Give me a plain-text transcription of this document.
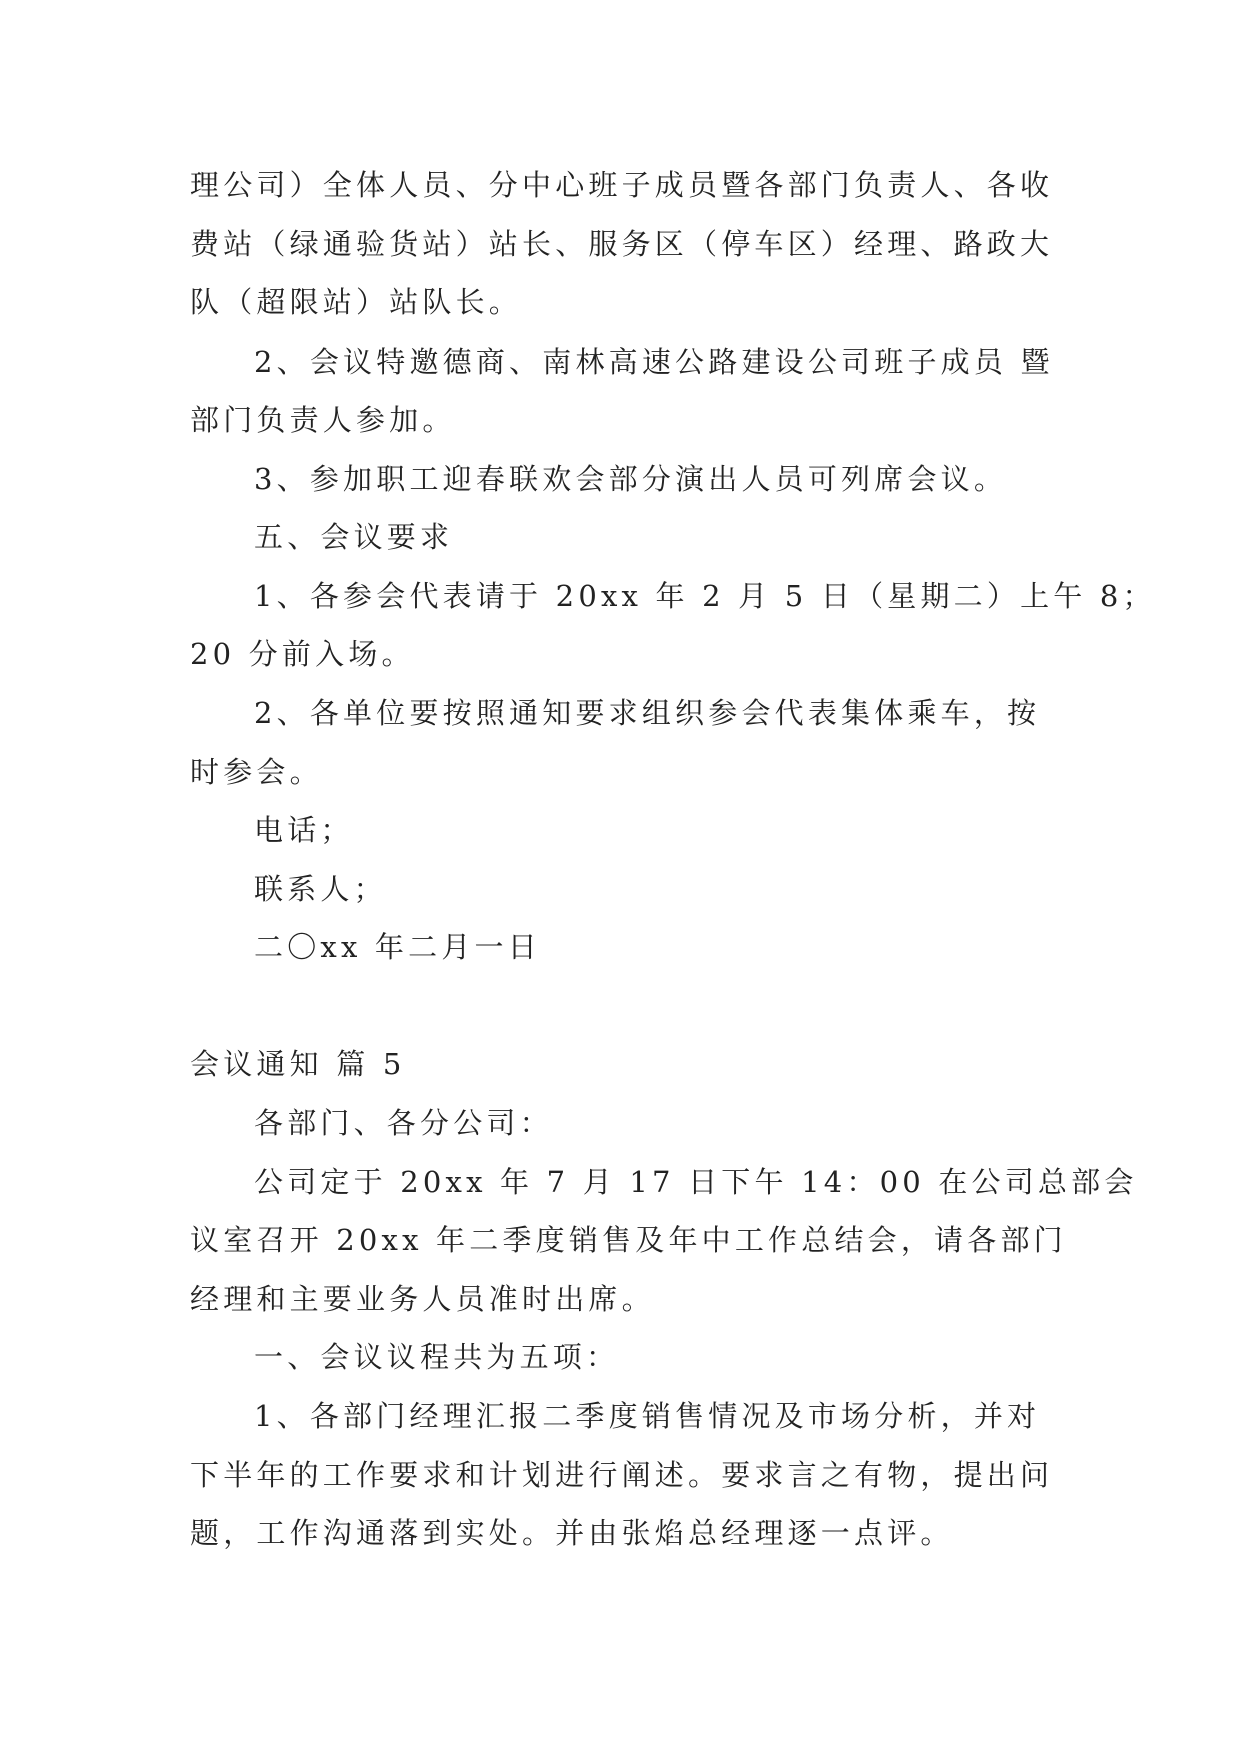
理公司）全体人员、分中心班子成员暨各部门负责人、各收
费站（绿通验货站）站长、服务区（停车区）经理、路政大
队（超限站）站队长。
2、会议特邀德商、南林高速公路建设公司班子成员 暨
部门负责人参加。
3、参加职工迎春联欢会部分演出人员可列席会议。
五、会议要求
1、各参会代表请于 20xx 年 2 月 5 日（星期二）上午 8；
20 分前入场。
2、各单位要按照通知要求组织参会代表集体乘车，按
时参会。
电话；
联系人；
二〇xx 年二月一日
会议通知 篇 5
各部门、各分公司：
公司定于 20xx 年 7 月 17 日下午 14：00 在公司总部会
议室召开 20xx 年二季度销售及年中工作总结会，请各部门
经理和主要业务人员准时出席。
一、会议议程共为五项：
1、各部门经理汇报二季度销售情况及市场分析，并对
下半年的工作要求和计划进行阐述。要求言之有物，提出问
题，工作沟通落到实处。并由张焰总经理逐一点评。
